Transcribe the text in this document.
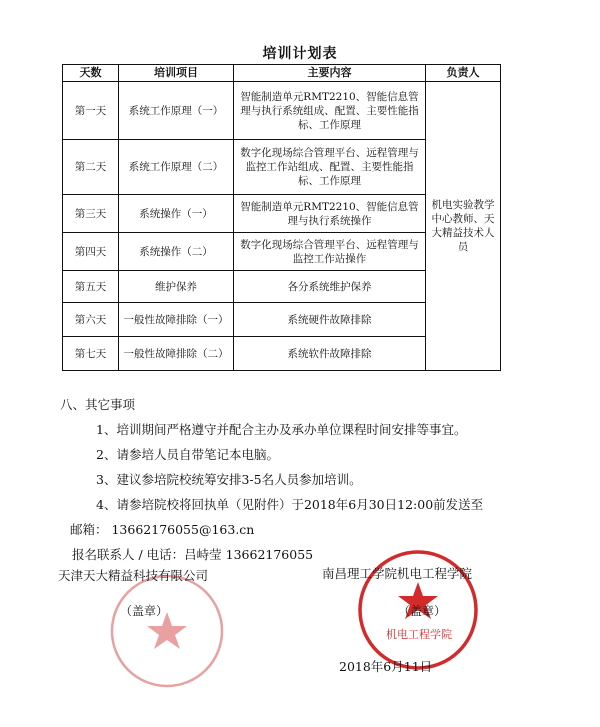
培训计划表
天数	培训项目	主要内容	负责人
第一天	系统工作原理（一）	智能制造单元RMT2210、智能信息管理与执行系统组成、配置、主要性能指标、工作原理	机电实验教学中心教师、天大精益技术人员
第二天	系统工作原理（二）	数字化现场综合管理平台、远程管理与监控工作站组成、配置、主要性能指标、工作原理	
第三天	系统操作（一）	智能制造单元RMT2210、智能信息管理与执行系统操作	
第四天	系统操作（二）	数字化现场综合管理平台、远程管理与监控工作站操作	
第五天	维护保养	各分系统维护保养	
第六天	一般性故障排除（一）	系统硬件故障排除	
第七天	一般性故障排除（二）	系统软件故障排除	
八、其它事项
1、培训期间严格遵守并配合主办及承办单位课程时间安排等事宜。
2、请参培人员自带笔记本电脑。
3、建议参培院校统筹安排3-5名人员参加培训。
4、请参培院校将回执单（见附件）于2018年6月30日12:00前发送至
邮箱： 13662176055@163.cn
报名联系人 / 电话：吕峙莹 13662176055
天津天大精益科技有限公司
（盖章）
机电工程学院
南昌理工学院机电工程学院
（盖章）
2018年6月11日
